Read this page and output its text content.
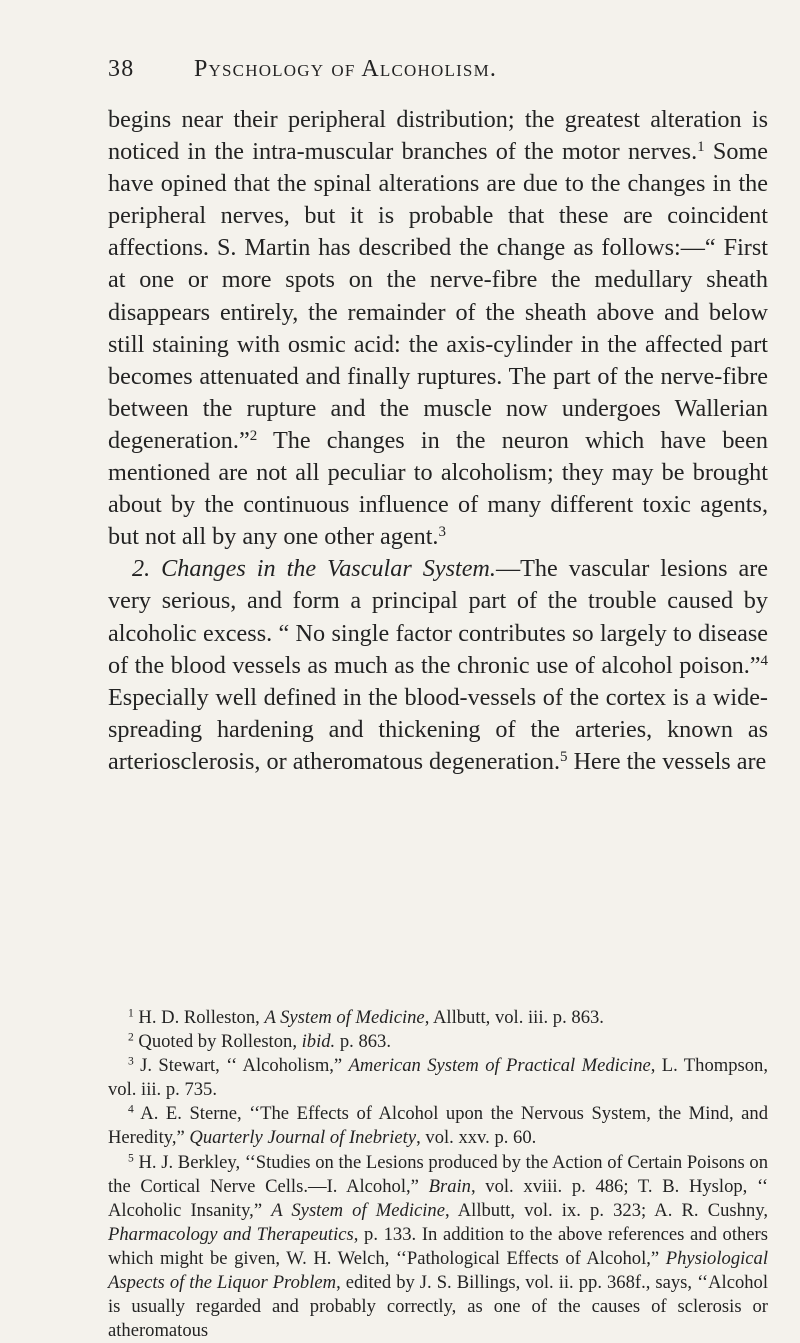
38	Pyschology of Alcoholism.

begins near their peripheral distribution; the greatest alteration is noticed in the intra-muscular branches of the motor nerves.$^1$ Some have opined that the spinal alterations are due to the changes in the peripheral nerves, but it is probable that these are coincident affections. S. Martin has described the change as follows:—“ First at one or more spots on the nerve-fibre the medullary sheath disappears entirely, the remainder of the sheath above and below still staining with osmic acid: the axis-cylinder in the affected part becomes attenuated and finally ruptures. The part of the nerve-fibre between the rupture and the muscle now undergoes Wallerian degeneration.”$^2$ The changes in the neuron which have been mentioned are not all peculiar to alcoholism; they may be brought about by the continuous influence of many different toxic agents, but not all by any one other agent.$^3$

2. Changes in the Vascular System.—The vascular lesions are very serious, and form a principal part of the trouble caused by alcoholic excess. “ No single factor contributes so largely to disease of the blood vessels as much as the chronic use of alcohol poison.”$^4$ Especially well defined in the blood-vessels of the cortex is a wide-spreading hardening and thickening of the arteries, known as arteriosclerosis, or atheromatous degeneration.$^5$ Here the vessels are

$^1$ H. D. Rolleston, A System of Medicine, Allbutt, vol. iii. p. 863.

$^2$ Quoted by Rolleston, ibid. p. 863.

$^3$ J. Stewart, ‘‘ Alcoholism,” American System of Practical Medicine, L. Thompson, vol. iii. p. 735.

$^4$ A. E. Sterne, ‘‘The Effects of Alcohol upon the Nervous System, the Mind, and Heredity,” Quarterly Journal of Inebriety, vol. xxv. p. 60.

$^5$ H. J. Berkley, ‘‘Studies on the Lesions produced by the Action of Certain Poisons on the Cortical Nerve Cells.—I. Alcohol,” Brain, vol. xviii. p. 486; T. B. Hyslop, ‘‘ Alcoholic Insanity,” A System of Medicine, Allbutt, vol. ix. p. 323; A. R. Cushny, Pharmacology and Therapeutics, p. 133. In addition to the above references and others which might be given, W. H. Welch, ‘‘Pathological Effects of Alcohol,” Physiological Aspects of the Liquor Problem, edited by J. S. Billings, vol. ii. pp. 368f., says, ‘‘Alcohol is usually regarded and probably correctly, as one of the causes of sclerosis or atheromatous
